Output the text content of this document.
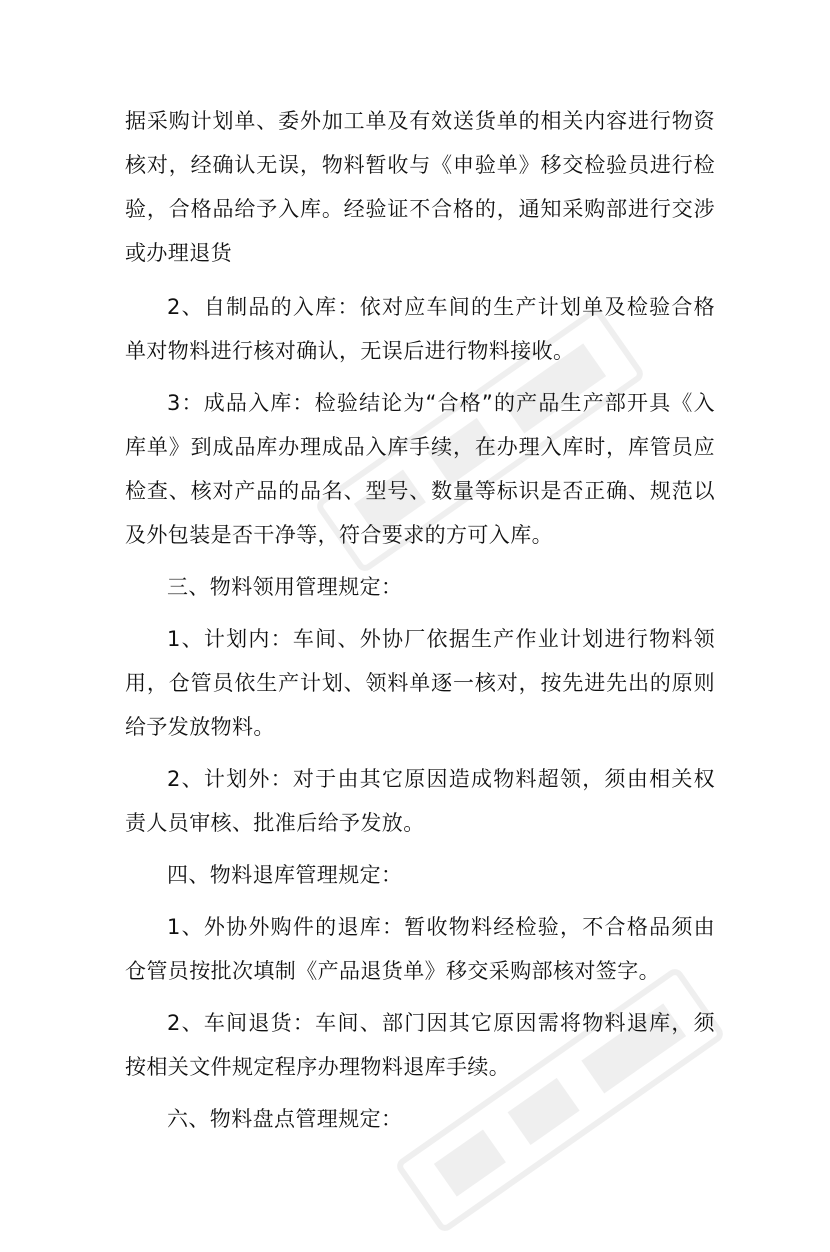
据采购计划单、委外加工单及有效送货单的相关内容进行物资核对，经确认无误，物料暂收与《申验单》移交检验员进行检验，合格品给予入库。经验证不合格的，通知采购部进行交涉或办理退货

2、自制品的入库：依对应车间的生产计划单及检验合格单对物料进行核对确认，无误后进行物料接收。

3：成品入库：检验结论为“合格”的产品生产部开具《入库单》到成品库办理成品入库手续，在办理入库时，库管员应检查、核对产品的品名、型号、数量等标识是否正确、规范以及外包装是否干净等，符合要求的方可入库。

三、物料领用管理规定：

1、计划内：车间、外协厂依据生产作业计划进行物料领用，仓管员依生产计划、领料单逐一核对，按先进先出的原则给予发放物料。

2、计划外：对于由其它原因造成物料超领，须由相关权责人员审核、批准后给予发放。

四、物料退库管理规定：

1、外协外购件的退库：暂收物料经检验，不合格品须由仓管员按批次填制《产品退货单》移交采购部核对签字。

2、车间退货：车间、部门因其它原因需将物料退库，须按相关文件规定程序办理物料退库手续。

六、物料盘点管理规定：
